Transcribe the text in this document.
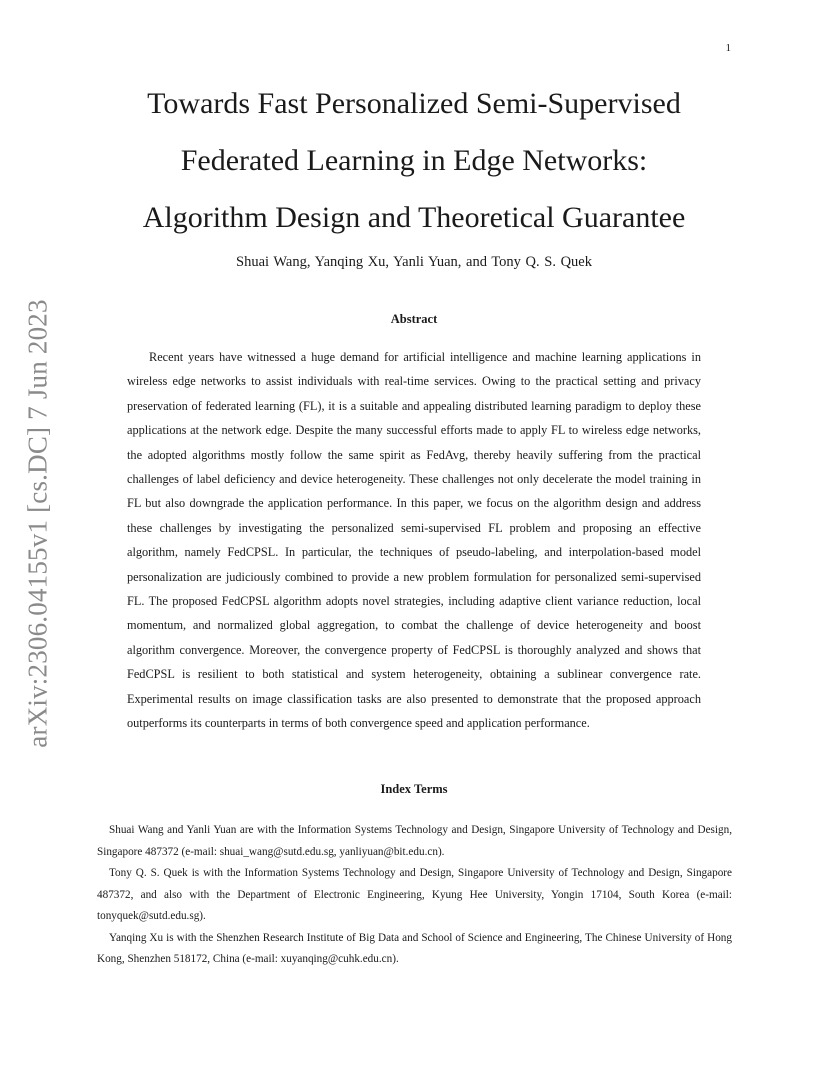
1
arXiv:2306.04155v1 [cs.DC] 7 Jun 2023
Towards Fast Personalized Semi-Supervised
Federated Learning in Edge Networks:
Algorithm Design and Theoretical Guarantee
Shuai Wang, Yanqing Xu, Yanli Yuan, and Tony Q. S. Quek
Abstract

Recent years have witnessed a huge demand for artificial intelligence and machine learning applications in wireless edge networks to assist individuals with real-time services. Owing to the practical setting and privacy preservation of federated learning (FL), it is a suitable and appealing distributed learning paradigm to deploy these applications at the network edge. Despite the many successful efforts made to apply FL to wireless edge networks, the adopted algorithms mostly follow the same spirit as FedAvg, thereby heavily suffering from the practical challenges of label deficiency and device heterogeneity. These challenges not only decelerate the model training in FL but also downgrade the application performance. In this paper, we focus on the algorithm design and address these challenges by investigating the personalized semi-supervised FL problem and proposing an effective algorithm, namely FedCPSL. In particular, the techniques of pseudo-labeling, and interpolation-based model personalization are judiciously combined to provide a new problem formulation for personalized semi-supervised FL. The proposed FedCPSL algorithm adopts novel strategies, including adaptive client variance reduction, local momentum, and normalized global aggregation, to combat the challenge of device heterogeneity and boost algorithm convergence. Moreover, the convergence property of FedCPSL is thoroughly analyzed and shows that FedCPSL is resilient to both statistical and system heterogeneity, obtaining a sublinear convergence rate. Experimental results on image classification tasks are also presented to demonstrate that the proposed approach outperforms its counterparts in terms of both convergence speed and application performance.

Index Terms

Shuai Wang and Yanli Yuan are with the Information Systems Technology and Design, Singapore University of Technology and Design, Singapore 487372 (e-mail: shuai_wang@sutd.edu.sg, yanliyuan@bit.edu.cn).

Tony Q. S. Quek is with the Information Systems Technology and Design, Singapore University of Technology and Design, Singapore 487372, and also with the Department of Electronic Engineering, Kyung Hee University, Yongin 17104, South Korea (e-mail: tonyquek@sutd.edu.sg).

Yanqing Xu is with the Shenzhen Research Institute of Big Data and School of Science and Engineering, The Chinese University of Hong Kong, Shenzhen 518172, China (e-mail: xuyanqing@cuhk.edu.cn).
